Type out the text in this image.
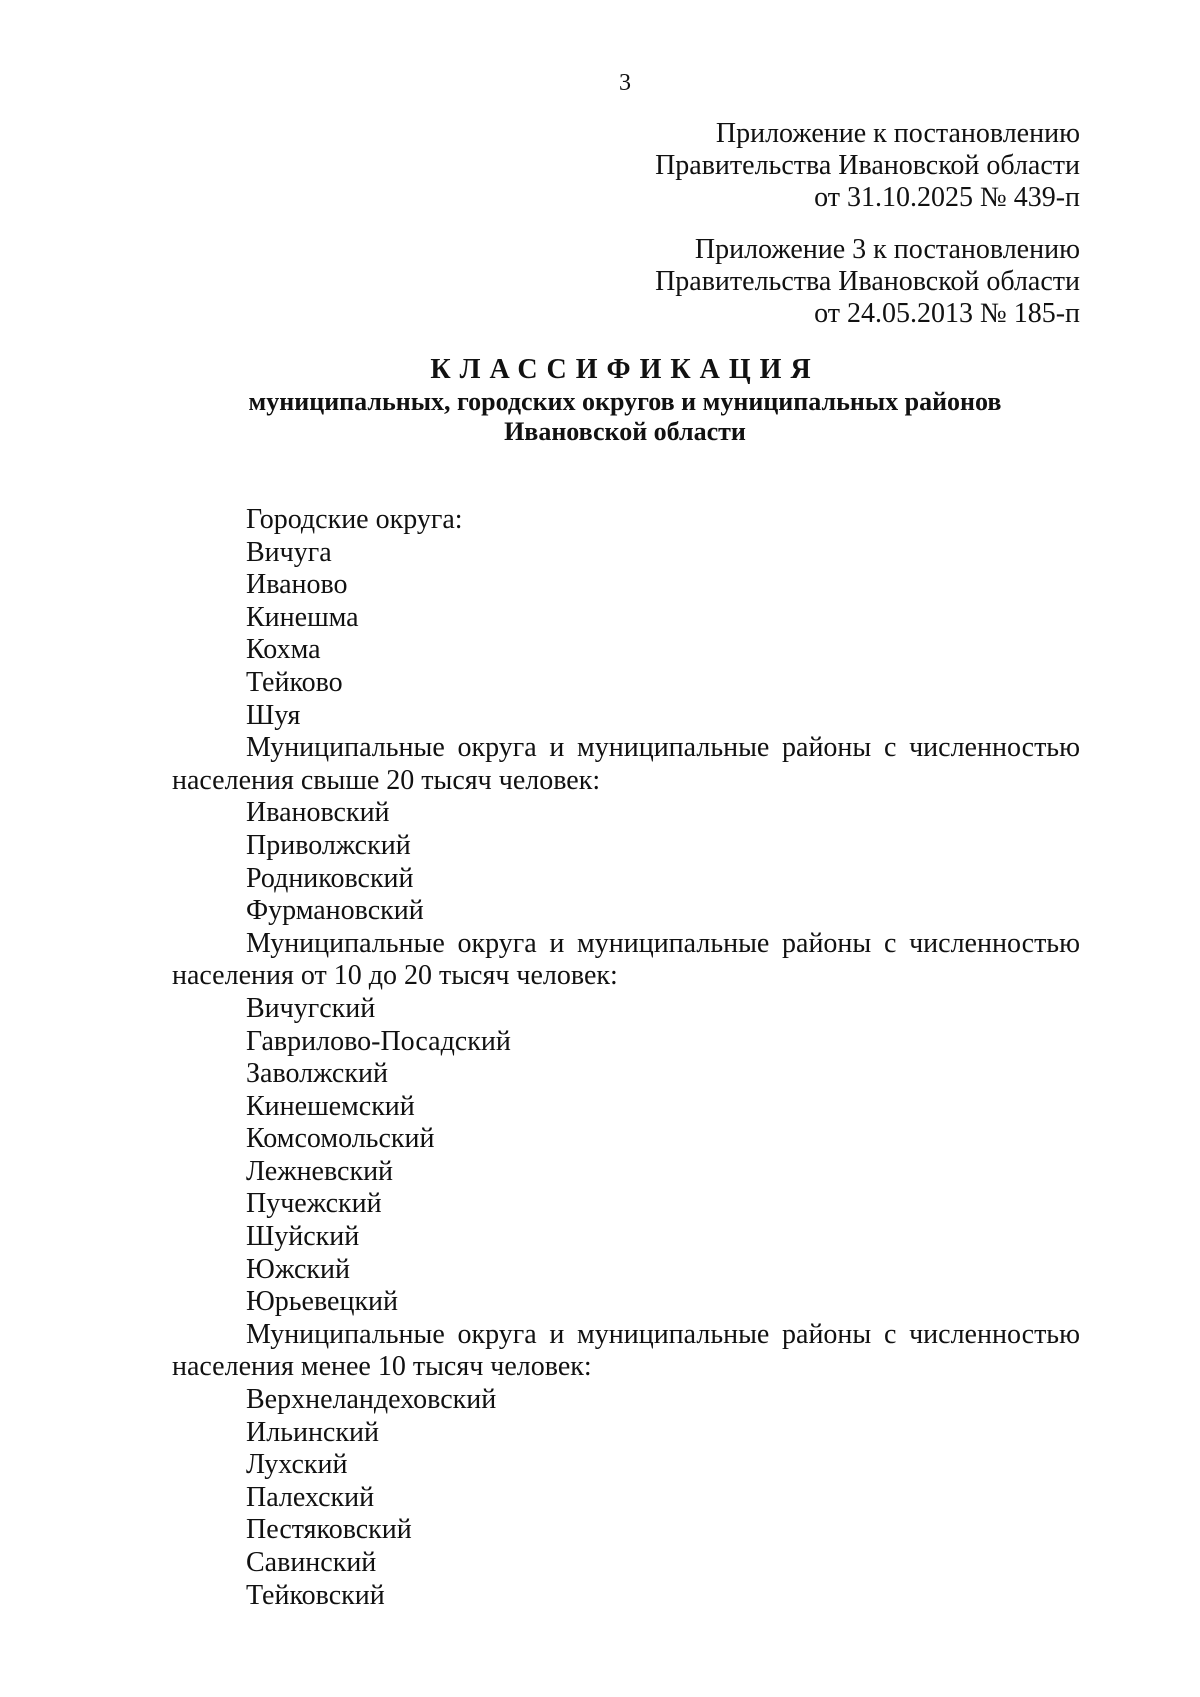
3
Приложение к постановлению
Правительства Ивановской области
от 31.10.2025 № 439-п
Приложение 3 к постановлению
Правительства Ивановской области
от 24.05.2013 № 185-п
КЛАССИФИКАЦИЯ
муниципальных, городских округов и муниципальных районов
Ивановской области
Городские округа:
Вичуга
Иваново
Кинешма
Кохма
Тейково
Шуя
Муниципальные округа и муниципальные районы с численностью населения свыше 20 тысяч человек:
Ивановский
Приволжский
Родниковский
Фурмановский
Муниципальные округа и муниципальные районы с численностью населения от 10 до 20 тысяч человек:
Вичугский
Гаврилово-Посадский
Заволжский
Кинешемский
Комсомольский
Лежневский
Пучежский
Шуйский
Южский
Юрьевецкий
Муниципальные округа и муниципальные районы с численностью населения менее 10 тысяч человек:
Верхнеландеховский
Ильинский
Лухский
Палехский
Пестяковский
Савинский
Тейковский
